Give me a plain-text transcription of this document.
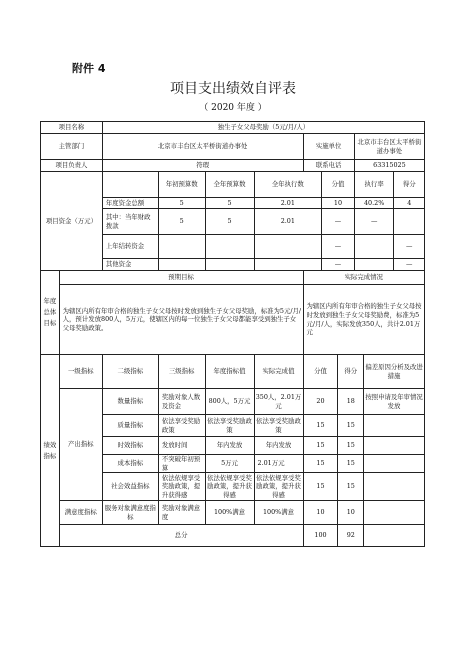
附件 4
项目支出绩效自评表
（ 2020 年度 ）
项目名称		独生子女父母奖励（5元/月/人）									
主管部门		北京市丰台区太平桥街道办事处				实施单位			北京市丰台区太平桥街道办事处		
项目负责人		符瑕				联系电话			63315025		
项目资金（万元）			年初预算数	全年预算数	全年执行数		分值		执行率		得分
		年度资金总额	5	5	2.01		10		40.2%		4
		其中：当年财政拨款	5	5	2.01		—		—		
		上年结转资金					—				—
		其他资金					—				—
年度总体目标	预期目标					实际完成情况					
	为辖区内所有年审合格的独生子女父母按时发放到独生子女父母奖励，标准为5元/月/人，预计发放800人，5万元，使辖区内的每一位独生子女父母都能享受到独生子女父母奖励政策。					为辖区内所有年审合格的独生子女父母按时发放到独生子女父母奖励费，标准为5元/月/人，实际发放350人，共计2.01万元					
绩效指标	一级指标	二级指标	三级指标	年度指标值	实际完成值	分值		得分		偏差原因分析及改进措施	
	产出指标	数量指标	奖励对象人数及资金	800人，5万元	350人，2.01万元	20		18		按照申请及年审情况发放	
		质量指标	依法享受奖励政策	依法享受奖励政策	依法享受奖励政策	15		15			
		时效指标	发放时间	年内发放	年内发放	15		15			
		成本指标	不突破年初预算	5万元	2.01万元	15		15			
		社会效益指标	依法依规享受奖励政策，提升获得感	依法依规享受奖励政策，提升获得感	依法依规享受奖励政策，提升获得感	15		15			
	满意度指标	服务对象满意度指标	奖励对象满意度	100%满意	100%满意	10		10			
	总分					100		92			
